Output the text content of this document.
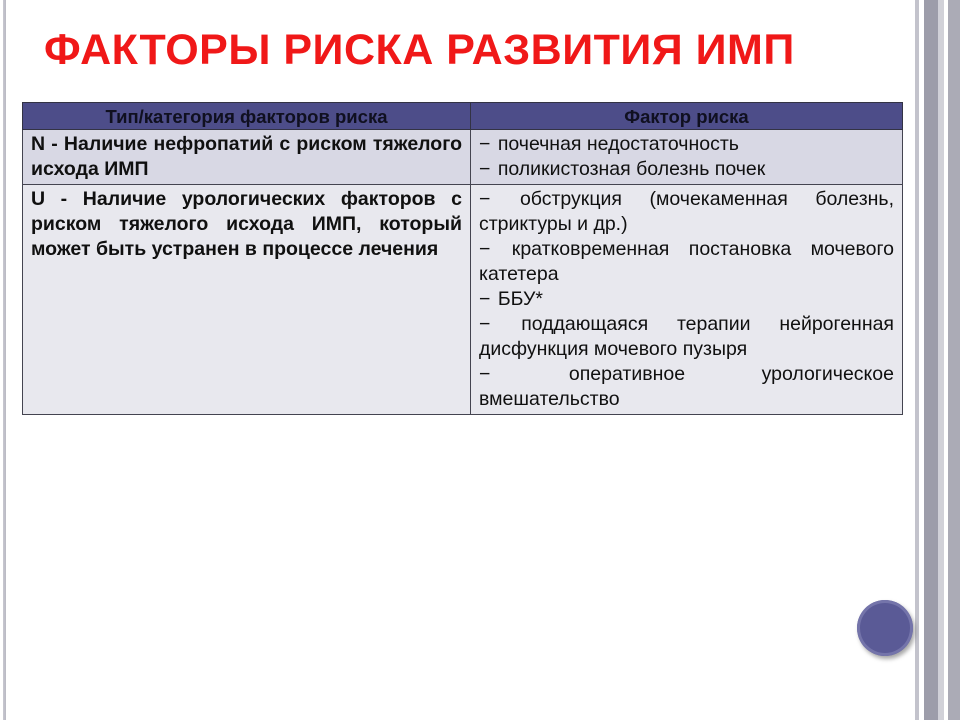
ФАКТОРЫ РИСКА РАЗВИТИЯ ИМП
Тип/категория факторов риска	Фактор риска
N - Наличие нефропатий с риском тяжелого исхода ИМП	− почечная недостаточность
− поликистозная болезнь почек

U - Наличие урологических факторов с риском тяжелого исхода ИМП, который может быть устранен в процессе лечения	− обструкция (мочекаменная болезнь, стриктуры и др.)
− кратковременная постановка мочевого катетера
− ББУ*
− поддающаяся терапии нейрогенная дисфункция мочевого пузыря
− оперативное урологическое вмешательство
